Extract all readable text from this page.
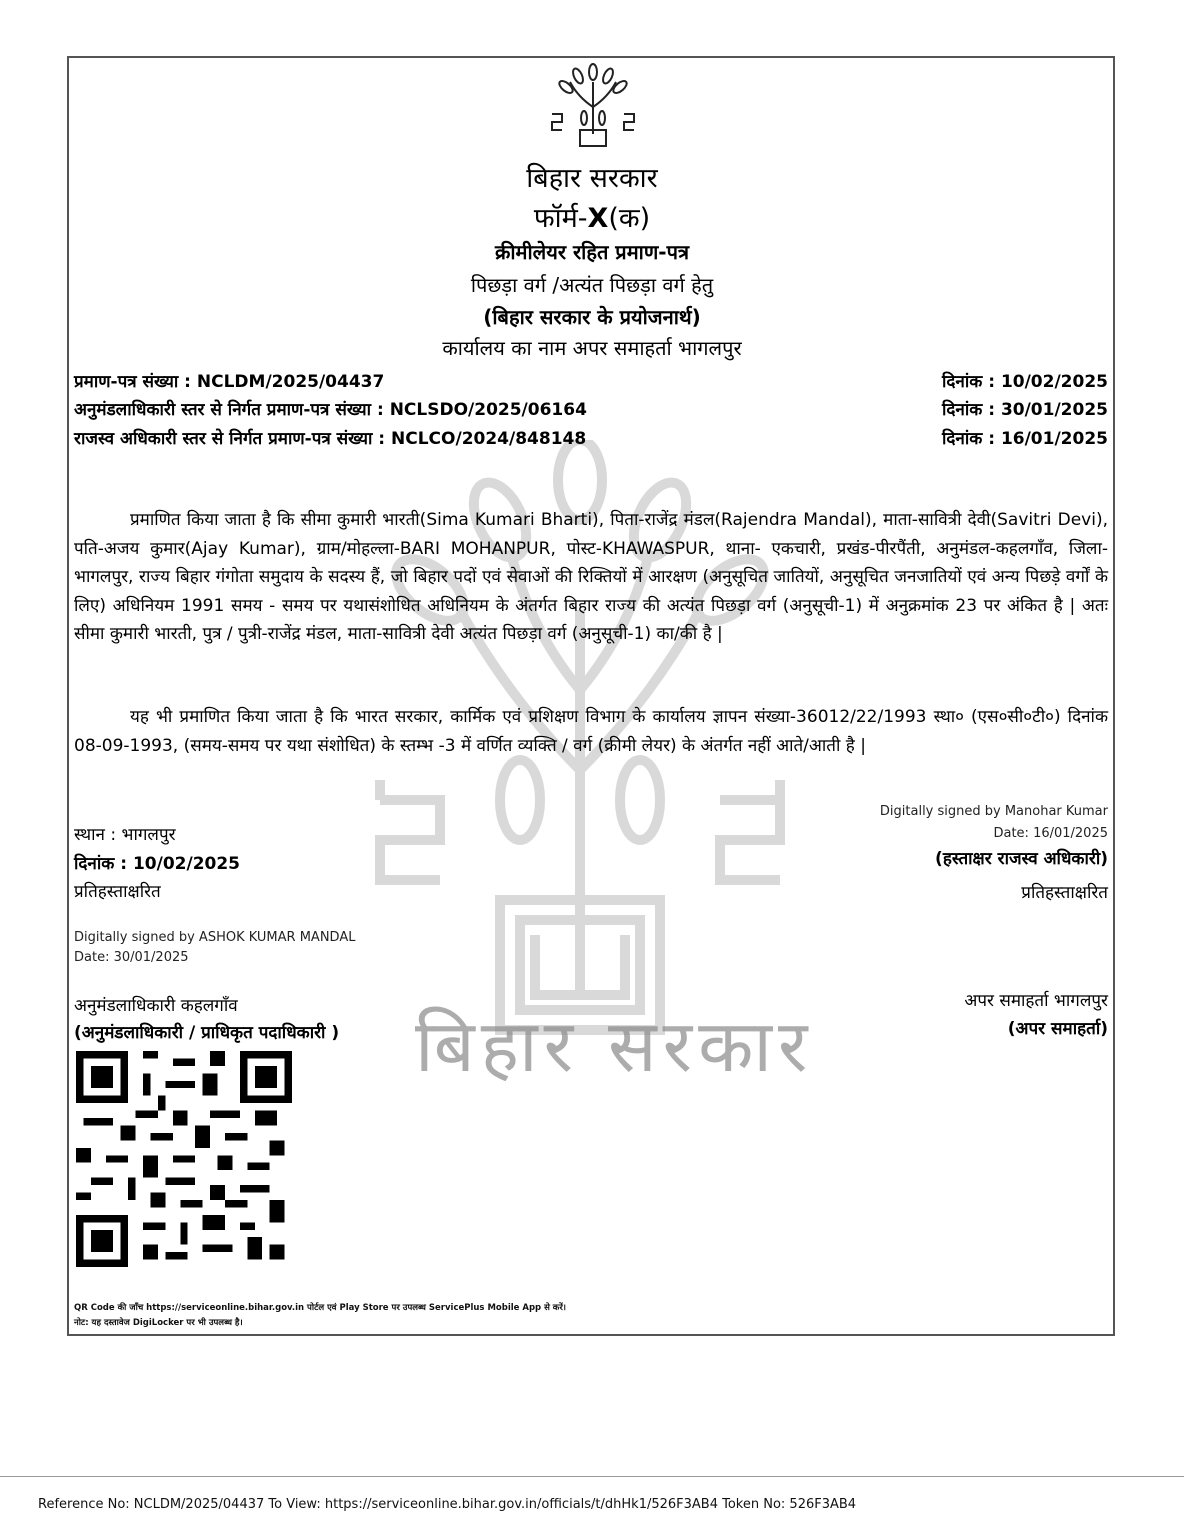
बिहार सरकार
बिहार सरकार
फॉर्म-X(क)
क्रीमीलेयर रहित प्रमाण-पत्र
पिछड़ा वर्ग /अत्यंत पिछड़ा वर्ग हेतु
(बिहार सरकार के प्रयोजनार्थ)
कार्यालय का नाम अपर समाहर्ता भागलपुर
प्रमाण-पत्र संख्या : NCLDM/2025/04437	दिनांक : 10/02/2025
अनुमंडलाधिकारी स्तर से निर्गत प्रमाण-पत्र संख्या : NCLSDO/2025/06164	दिनांक : 30/01/2025
राजस्व अधिकारी स्तर से निर्गत प्रमाण-पत्र संख्या : NCLCO/2024/848148	दिनांक : 16/01/2025
प्रमाणित किया जाता है कि सीमा कुमारी भारती(Sima Kumari Bharti), पिता-राजेंद्र मंडल(Rajendra Mandal), माता-सावित्री देवी(Savitri Devi), पति-अजय कुमार(Ajay Kumar), ग्राम/मोहल्ला-BARI MOHANPUR, पोस्ट-KHAWASPUR, थाना- एकचारी, प्रखंड-पीरपैंती, अनुमंडल-कहलगाँव, जिला-भागलपुर, राज्य बिहार गंगोता समुदाय के सदस्य हैं, जो बिहार पदों एवं सेवाओं की रिक्तियों में आरक्षण (अनुसूचित जातियों, अनुसूचित जनजातियों एवं अन्य पिछड़े वर्गों के लिए) अधिनियम 1991 समय - समय पर यथासंशोधित अधिनियम के अंतर्गत बिहार राज्य की अत्यंत पिछड़ा वर्ग (अनुसूची-1) में अनुक्रमांक 23 पर अंकित है | अतः सीमा कुमारी भारती, पुत्र / पुत्री-राजेंद्र मंडल, माता-सावित्री देवी अत्यंत पिछड़ा वर्ग (अनुसूची-1) का/की है |
यह भी प्रमाणित किया जाता है कि भारत सरकार, कार्मिक एवं प्रशिक्षण विभाग के कार्यालय ज्ञापन संख्या-36012/22/1993 स्था० (एस०सी०टी०) दिनांक 08-09-1993, (समय-समय पर यथा संशोधित) के स्तम्भ -3 में वर्णित व्यक्ति / वर्ग (क्रीमी लेयर) के अंतर्गत नहीं आते/आती है |
Digitally signed by Manohar Kumar
Date: 16/01/2025
(हस्ताक्षर राजस्व अधिकारी)
प्रतिहस्ताक्षरित
स्थान : भागलपुर
दिनांक : 10/02/2025
प्रतिहस्ताक्षरित
Digitally signed by ASHOK KUMAR MANDAL
Date: 30/01/2025
अनुमंडलाधिकारी कहलगाँव
(अनुमंडलाधिकारी / प्राधिकृत पदाधिकारी )
अपर समाहर्ता भागलपुर
(अपर समाहर्ता)
QR Code की जाँच https://serviceonline.bihar.gov.in पोर्टल एवं Play Store पर उपलब्ध ServicePlus Mobile App से करें।
नोट: यह दस्तावेज DigiLocker पर भी उपलब्ध है।
Reference No: NCLDM/2025/04437 To View: https://serviceonline.bihar.gov.in/officials/t/dhHk1/526F3AB4 Token No: 526F3AB4
